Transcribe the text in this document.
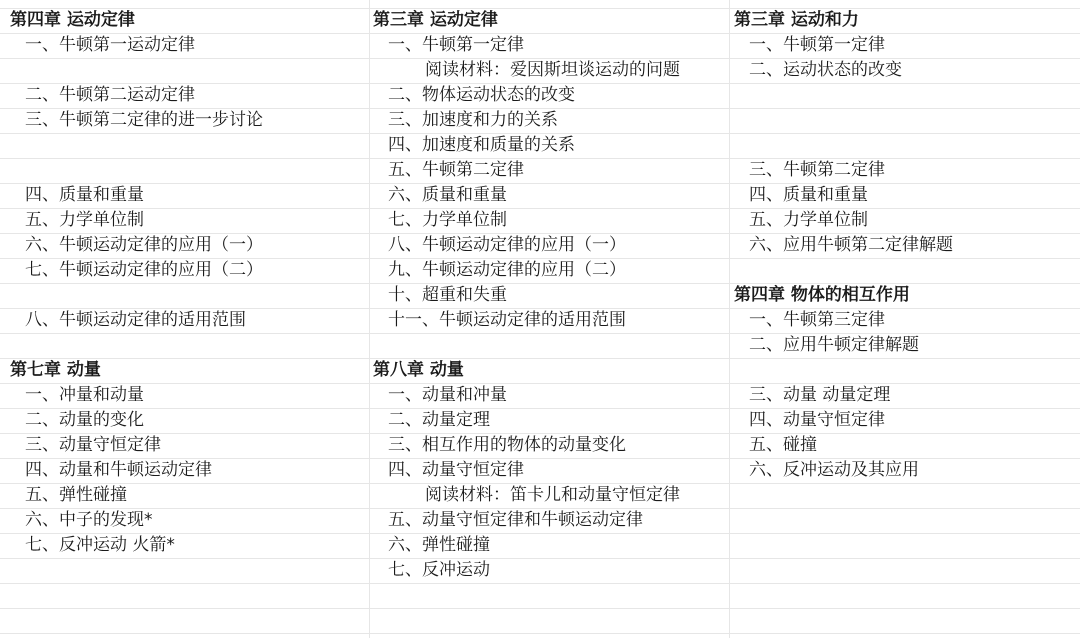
第四章 运动定律
一、牛顿第一运动定律
二、牛顿第二运动定律
三、牛顿第二定律的进一步讨论
四、质量和重量
五、力学单位制
六、牛顿运动定律的应用（一）
七、牛顿运动定律的应用（二）
八、牛顿运动定律的适用范围
第七章 动量
一、冲量和动量
二、动量的变化
三、动量守恒定律
四、动量和牛顿运动定律
五、弹性碰撞
六、中子的发现*
七、反冲运动 火箭*
第三章 运动定律
一、牛顿第一定律
阅读材料：爱因斯坦谈运动的问题
二、物体运动状态的改变
三、加速度和力的关系
四、加速度和质量的关系
五、牛顿第二定律
六、质量和重量
七、力学单位制
八、牛顿运动定律的应用（一）
九、牛顿运动定律的应用（二）
十、超重和失重
十一、牛顿运动定律的适用范围
第八章 动量
一、动量和冲量
二、动量定理
三、相互作用的物体的动量变化
四、动量守恒定律
阅读材料：笛卡儿和动量守恒定律
五、动量守恒定律和牛顿运动定律
六、弹性碰撞
七、反冲运动
第三章 运动和力
一、牛顿第一定律
二、运动状态的改变
三、牛顿第二定律
四、质量和重量
五、力学单位制
六、应用牛顿第二定律解题
第四章 物体的相互作用
一、牛顿第三定律
二、应用牛顿定律解题
三、动量 动量定理
四、动量守恒定律
五、碰撞
六、反冲运动及其应用
